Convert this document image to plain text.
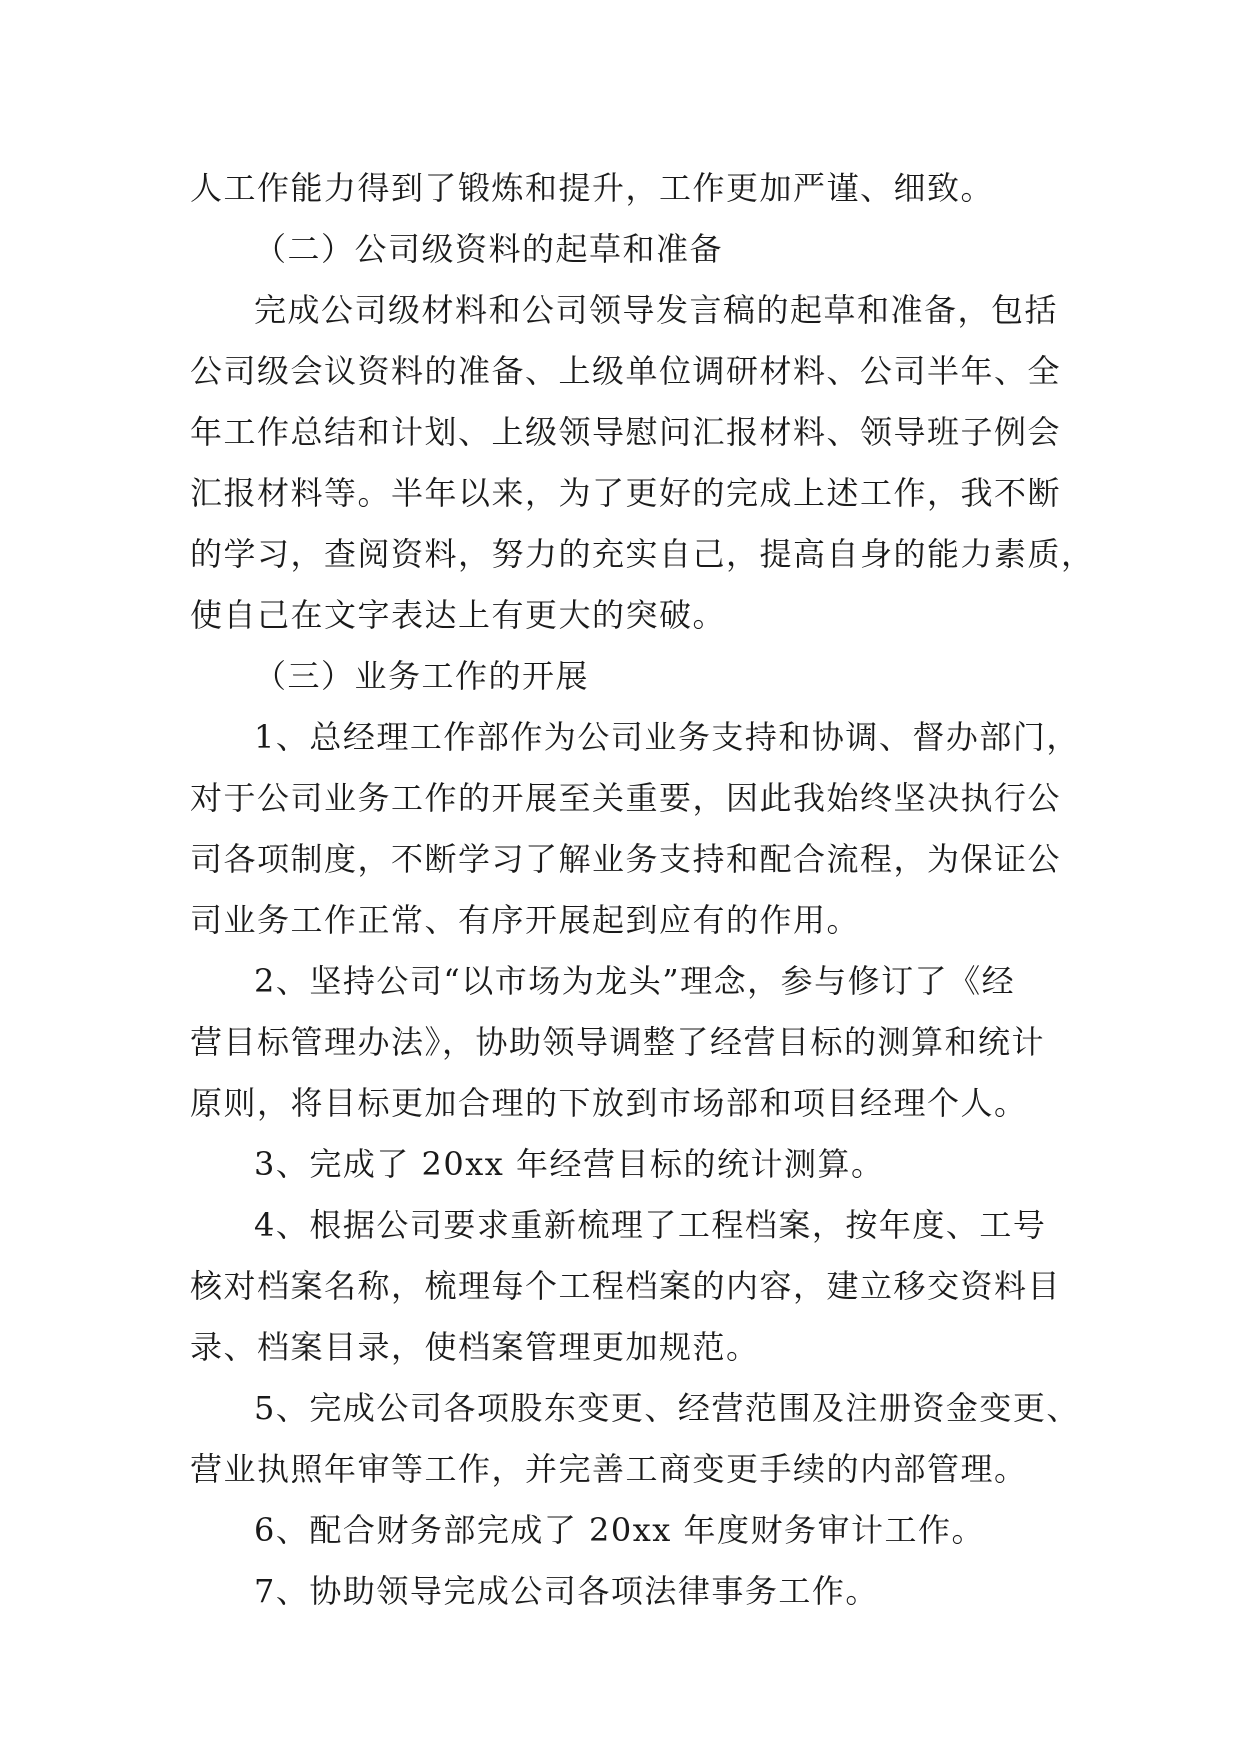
人工作能力得到了锻炼和提升，工作更加严谨、细致。
（二）公司级资料的起草和准备
完成公司级材料和公司领导发言稿的起草和准备，包括
公司级会议资料的准备、上级单位调研材料、公司半年、全
年工作总结和计划、上级领导慰问汇报材料、领导班子例会
汇报材料等。半年以来，为了更好的完成上述工作，我不断
的学习，查阅资料，努力的充实自己，提高自身的能力素质，
使自己在文字表达上有更大的突破。
（三）业务工作的开展
1、总经理工作部作为公司业务支持和协调、督办部门，
对于公司业务工作的开展至关重要，因此我始终坚决执行公
司各项制度，不断学习了解业务支持和配合流程，为保证公
司业务工作正常、有序开展起到应有的作用。
2、坚持公司“以市场为龙头”理念，参与修订了《经
营目标管理办法》，协助领导调整了经营目标的测算和统计
原则，将目标更加合理的下放到市场部和项目经理个人。
3、完成了 20xx 年经营目标的统计测算。
4、根据公司要求重新梳理了工程档案，按年度、工号
核对档案名称，梳理每个工程档案的内容，建立移交资料目
录、档案目录，使档案管理更加规范。
5、完成公司各项股东变更、经营范围及注册资金变更、
营业执照年审等工作，并完善工商变更手续的内部管理。
6、配合财务部完成了 20xx 年度财务审计工作。
7、协助领导完成公司各项法律事务工作。
